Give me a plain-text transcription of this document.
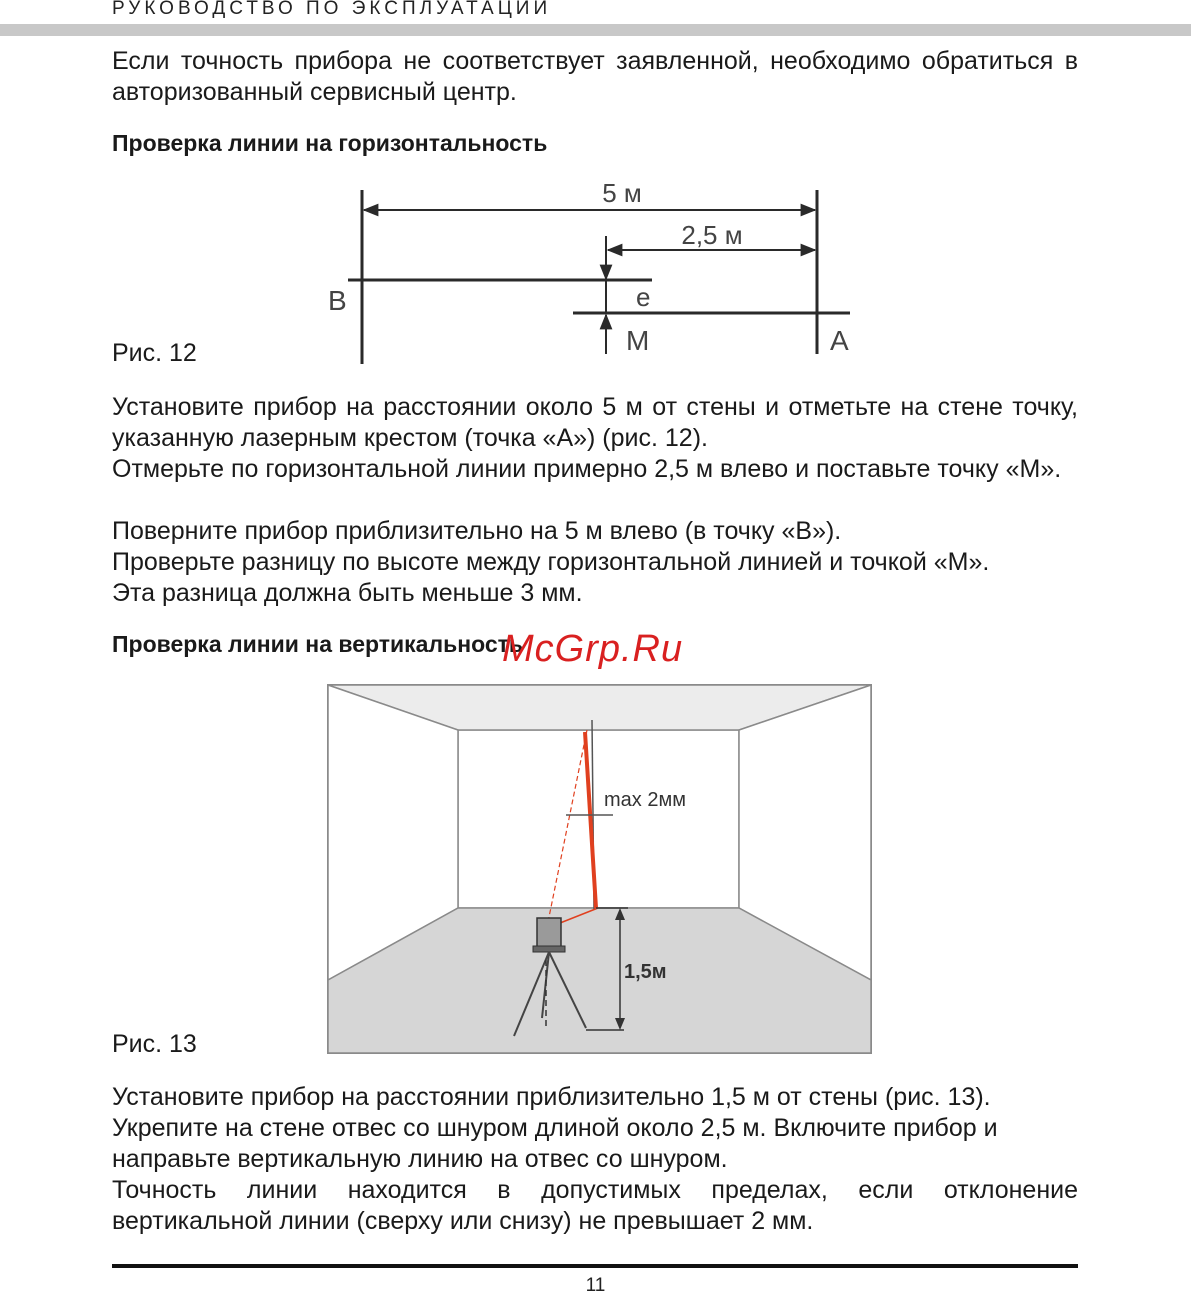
РУКОВОДСТВО ПО ЭКСПЛУАТАЦИИ
Если точность прибора не соответствует заявленной, необходимо обратиться в авторизованный сервисный центр.
Проверка линии на горизонтальность
5 м
2,5 м
B	e
M	A
Рис. 12
Установите прибор на расстоянии около 5 м от стены и отметьте на стене точку, указанную лазерным крестом (точка «А») (рис. 12).
Отмерьте по горизонтальной линии примерно 2,5 м влево и поставьте точку «М».
Поверните прибор приблизительно на 5 м влево (в точку «В»).
Проверьте разницу по высоте между горизонтальной линией и точкой «М».
Эта разница должна быть меньше 3 мм.
Проверка линии на вертикальность
McGrp.Ru
max 2мм
1,5м
Рис. 13
Установите прибор на расстоянии приблизительно 1,5 м от стены (рис. 13). Укрепите на стене отвес со шнуром длиной около 2,5 м. Включите прибор и направьте вертикальную линию на отвес со шнуром.
Точность линии находится в допустимых пределах, если отклонение вертикальной линии (сверху или снизу) не превышает 2 мм.
11
